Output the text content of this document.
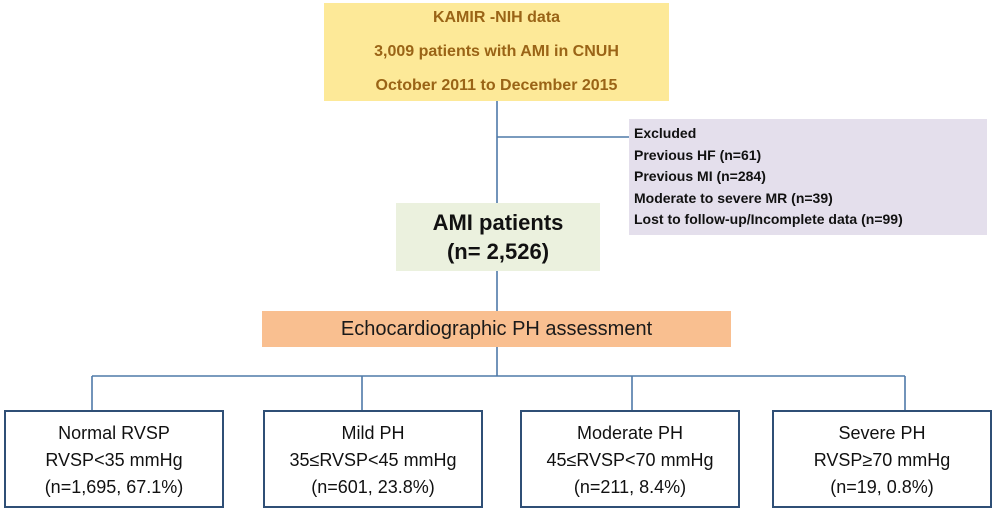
KAMIR -NIH data
3,009 patients with AMI in CNUH
October 2011 to December 2015
Excluded
Previous HF (n=61)
Previous MI (n=284)
Moderate to severe MR (n=39)
Lost to follow-up/Incomplete data (n=99)
AMI patients
(n= 2,526)
Echocardiographic PH assessment
Normal RVSP
RVSP<35 mmHg
(n=1,695, 67.1%)
Mild PH
35≤RVSP<45 mmHg
(n=601, 23.8%)
Moderate PH
45≤RVSP<70 mmHg
(n=211, 8.4%)
Severe PH
RVSP≥70 mmHg
(n=19, 0.8%)
